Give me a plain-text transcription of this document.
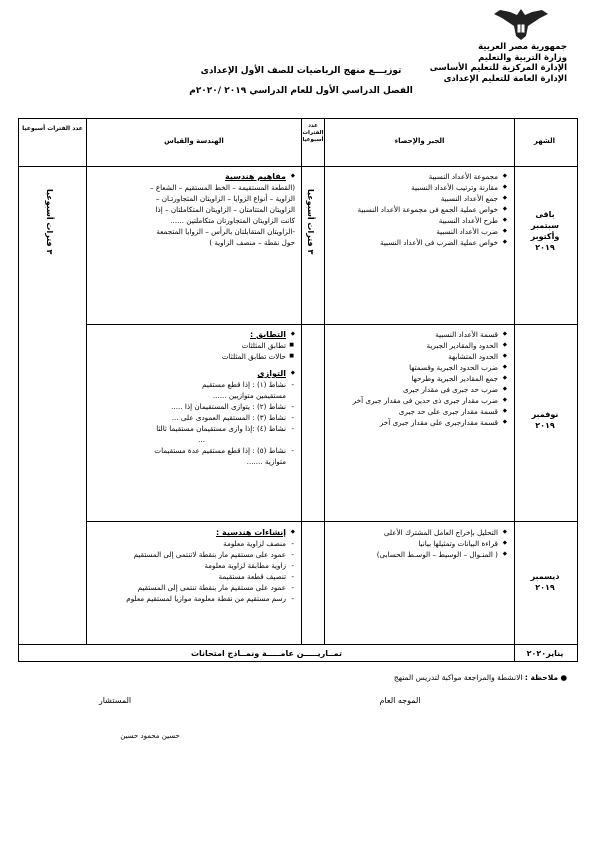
جمهورية مصر العربية
وزارة التربية والتعليم
الإدارة المركزية للتعليم الأساسى
الإدارة العامة للتعليم الإعدادى
توزيـــع منهج الرياضيات للصف الأول الإعدادى
الفصل الدراسي الأول للعام الدراسي ٢٠١٩ /٢٠٢٠م
الشهر
الجبر والإحصاء
عدد الفترات أسبوعيا
الهندسة والقياس
عدد الفترات أسبوعيا
٣ فترات أسبوعيا
٣ فترات أسبوعيا
باقى
سبتمبر
وأكتوبر
٢٠١٩
◆ مجموعة الأعداد النسبية
◆ مقارنة وترتيب الأعداد النسبية
◆ جمع الأعداد النسبية
◆ خواص عملية الجمع فى مجموعة الأعداد النسبية
◆ طرح الأعداد النسبية
◆ ضرب الأعداد النسبية
◆ خواص عملية الضرب فى الأعداد النسبية
◆ مفاهيم هندسية
(القطعة المستقيمة – الخط المستقيم – الشعاع –
الزاوية – أنواع الزوايا – الزاويتان المتجاورتـان –
الزاويتان المتتامتان – الزاويتان المتكاملتان – إذا
كانت الزاويتان المتجاورتان متكاملتين ......
-الزاويتان المتقابلتان بالرأس – الزوايا المتجمعة
حول نقطة – منصف الزاوية )
نوفمبر
٢٠١٩
◆ قسمة الأعداد النسبية
◆ الحدود والمقادير الجبرية
◆ الحدود المتشابهة
◆ ضرب الحدود الجبرية وقسمتها
◆ جمع المقادير الجبرية وطرحها
◆ ضرب حد جبرى فى مقدار جبرى
◆ ضرب مقدار جبرى ذى حدين فى مقدار جبرى آخر
◆ قسمة مقدار جبرى على حد جبرى
◆ قسمة مقدارجبرى على مقدار جبرى آخر
◆ التطابق :
■ تطابق المثلثات
■ حالات تطابق المثلثات
◆ التوازى
- نشاط (١) : إذا قطع مستقيم
مستقيمين متوازيين ......
- نشاط (٢) : يتوازى المستقيمان إذا .....
- نشاط (٣) : المستقيم العمودى على ...
- نشاط (٤) :إذا وازى مستقيمان مستقيما ثالثا
...
- نشاط (٥) : إذا قطع مستقيم عدة مستقيمات
متوازية .......
ديسمبر
٢٠١٩
◆ التحليل بإخراج العامل المشترك الأعلى
◆ قراءة البيانات وتمثيلها بيانيا
◆ ( المنـوال – الوسيط – الوسـط الحسابى)
◆ إنشاءات هندسية :
- منصف لزاوية معلومة
- عمود على مستقيم مار بنقطة لاتنتمى إلى المستقيم
- زاوية مطابقة لزاوية معلومة
- تنصيف قطعة مستقيمة
- عمود على مستقيم مار بنقطة تنتمى إلى المستقيم
- رسم مستقيم من نقطة معلومة موازيا لمستقيم معلوم
يناير٢٠٢٠
تمــاريـــــن عامـــــة ونمــاذج امتحانات
● ملاحظة : الانشطة والمراجعة مواكبة لتدريس المنهج
الموجه العام
المستشار
حسين محمود حسين
